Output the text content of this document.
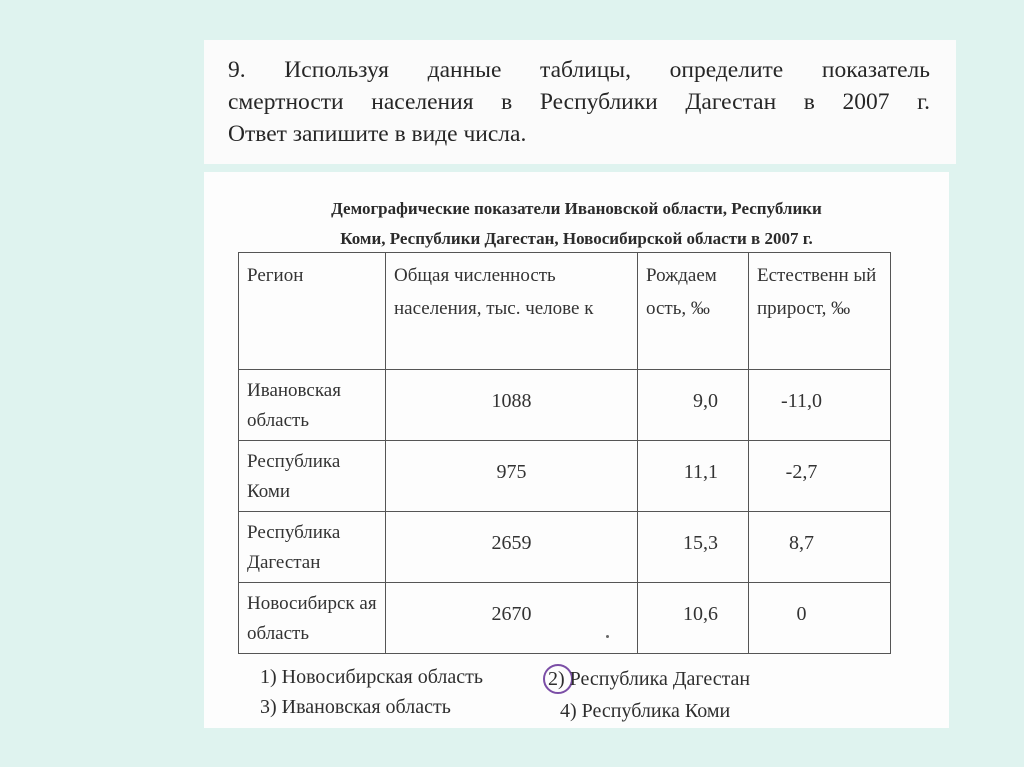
9. Используя данные таблицы, определите показатель
смертности населения в Республики Дагестан в 2007 г.
Ответ запишите в виде числа.
Демографические показатели Ивановской области, Республики
Коми, Республики Дагестан, Новосибирской области в 2007 г.
Регион	Общая численность населения, тыс. челове к	Рождаем ость, ‰	Естественн ый прирост, ‰
Ивановская область	1088	9,0	-11,0
Республика Коми	975	11,1	-2,7
Республика Дагестан	2659	15,3	8,7
Новосибирск ая область	2670	10,6	0
1) Новосибирская область	2) Республика Дагестан
3) Ивановская область	4) Республика Коми
